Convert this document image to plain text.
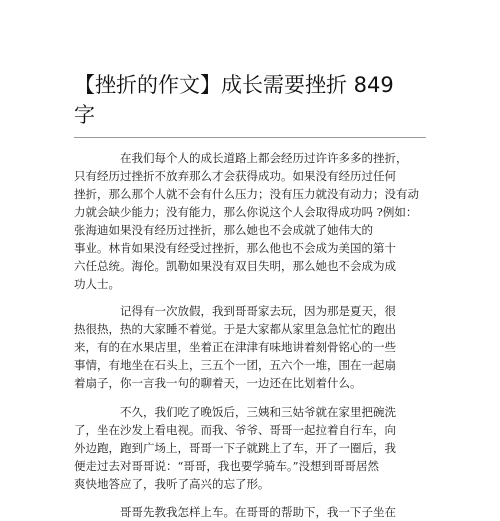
【挫折的作文】成长需要挫折 849
字
在我们每个人的成长道路上都会经历过许许多多的挫折，
只有经历过挫折不放弃那么才会获得成功。如果没有经历过任何
挫折，那么那个人就不会有什么压力；没有压力就没有动力；没有动
力就会缺少能力；没有能力，那么你说这个人会取得成功吗 ?例如：
张海迪如果没有经历过挫折，那么她也不会成就了她伟大的
事业。林肯如果没有经受过挫折，那么他也不会成为美国的第十
六任总统。海伦。凯勒如果没有双目失明，那么她也不会成为成
功人士。
记得有一次放假，我到哥哥家去玩，因为那是夏天，很
热很热，热的大家睡不着觉。于是大家都从家里急急忙忙的跑出
来，有的在水果店里，坐着正在津津有味地讲着刻骨铭心的一些
事情，有地坐在石头上，三五个一团，五六个一堆，围在一起扇
着扇子，你一言我一句的聊着天，一边还在比划着什么。
不久，我们吃了晚饭后，三姨和三姑爷就在家里把碗洗
了，坐在沙发上看电视。而我、爷爷、哥哥一起拉着自行车，向
外边跑，跑到广场上，哥哥一下子就跳上了车，开了一圈后，我
便走过去对哥哥说：“哥哥，我也要学骑车。”没想到哥哥居然
爽快地答应了，我听了高兴的忘了形。
哥哥先教我怎样上车。在哥哥的帮助下，我一下子坐在
